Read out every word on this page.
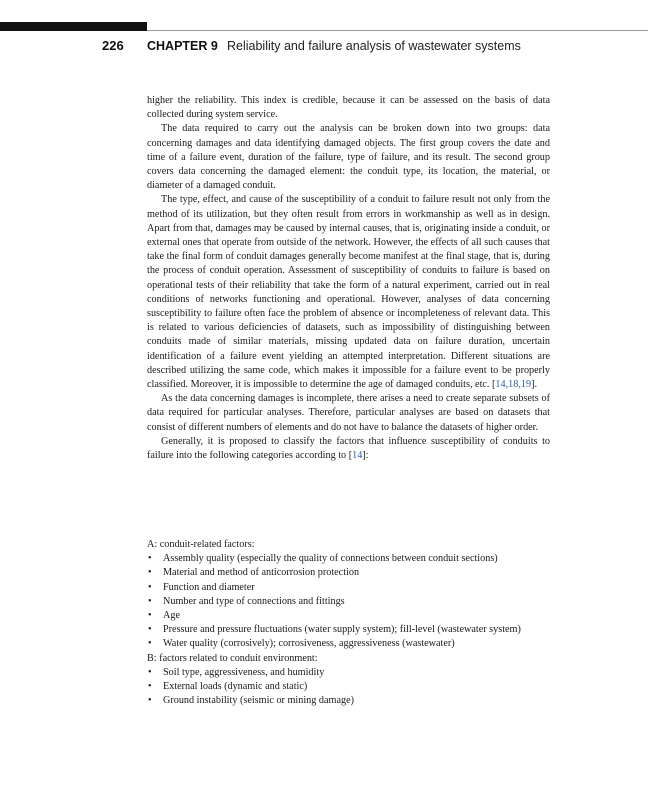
226 CHAPTER 9 Reliability and failure analysis of wastewater systems

higher the reliability. This index is credible, because it can be assessed on the basis of data collected during system service.

The data required to carry out the analysis can be broken down into two groups: data concerning damages and data identifying damaged objects. The first group covers the date and time of a failure event, duration of the failure, type of failure, and its result. The second group covers data concerning the damaged element: the conduit type, its location, the material, or diameter of a damaged conduit.

The type, effect, and cause of the susceptibility of a conduit to failure result not only from the method of its utilization, but they often result from errors in workmanship as well as in design. Apart from that, damages may be caused by internal causes, that is, originating inside a conduit, or external ones that operate from outside of the network. However, the effects of all such causes that take the final form of conduit damages generally become manifest at the final stage, that is, during the process of conduit operation. Assessment of susceptibility of conduits to failure is based on operational tests of their reliability that take the form of a natural experiment, carried out in real conditions of networks functioning and operational. However, analyses of data concerning susceptibility to failure often face the problem of absence or incompleteness of relevant data. This is related to various deficiencies of datasets, such as impossibility of distinguishing between conduits made of similar materials, missing updated data on failure duration, uncertain identification of a failure event yielding an attempted interpretation. Different situations are described utilizing the same code, which makes it impossible for a failure event to be properly classified. Moreover, it is impossible to determine the age of damaged conduits, etc. [14,18,19].

As the data concerning damages is incomplete, there arises a need to create separate subsets of data required for particular analyses. Therefore, particular analyses are based on datasets that consist of different numbers of elements and do not have to balance the datasets of higher order.

Generally, it is proposed to classify the factors that influence susceptibility of conduits to failure into the following categories according to [14]:

A: conduit-related factors:

• Assembly quality (especially the quality of connections between conduit sections)
• Material and method of anticorrosion protection
• Function and diameter
• Number and type of connections and fittings
• Age
• Pressure and pressure fluctuations (water supply system); fill-level (wastewater system)
• Water quality (corrosively); corrosiveness, aggressiveness (wastewater)

B: factors related to conduit environment:

• Soil type, aggressiveness, and humidity
• External loads (dynamic and static)
• Ground instability (seismic or mining damage)
